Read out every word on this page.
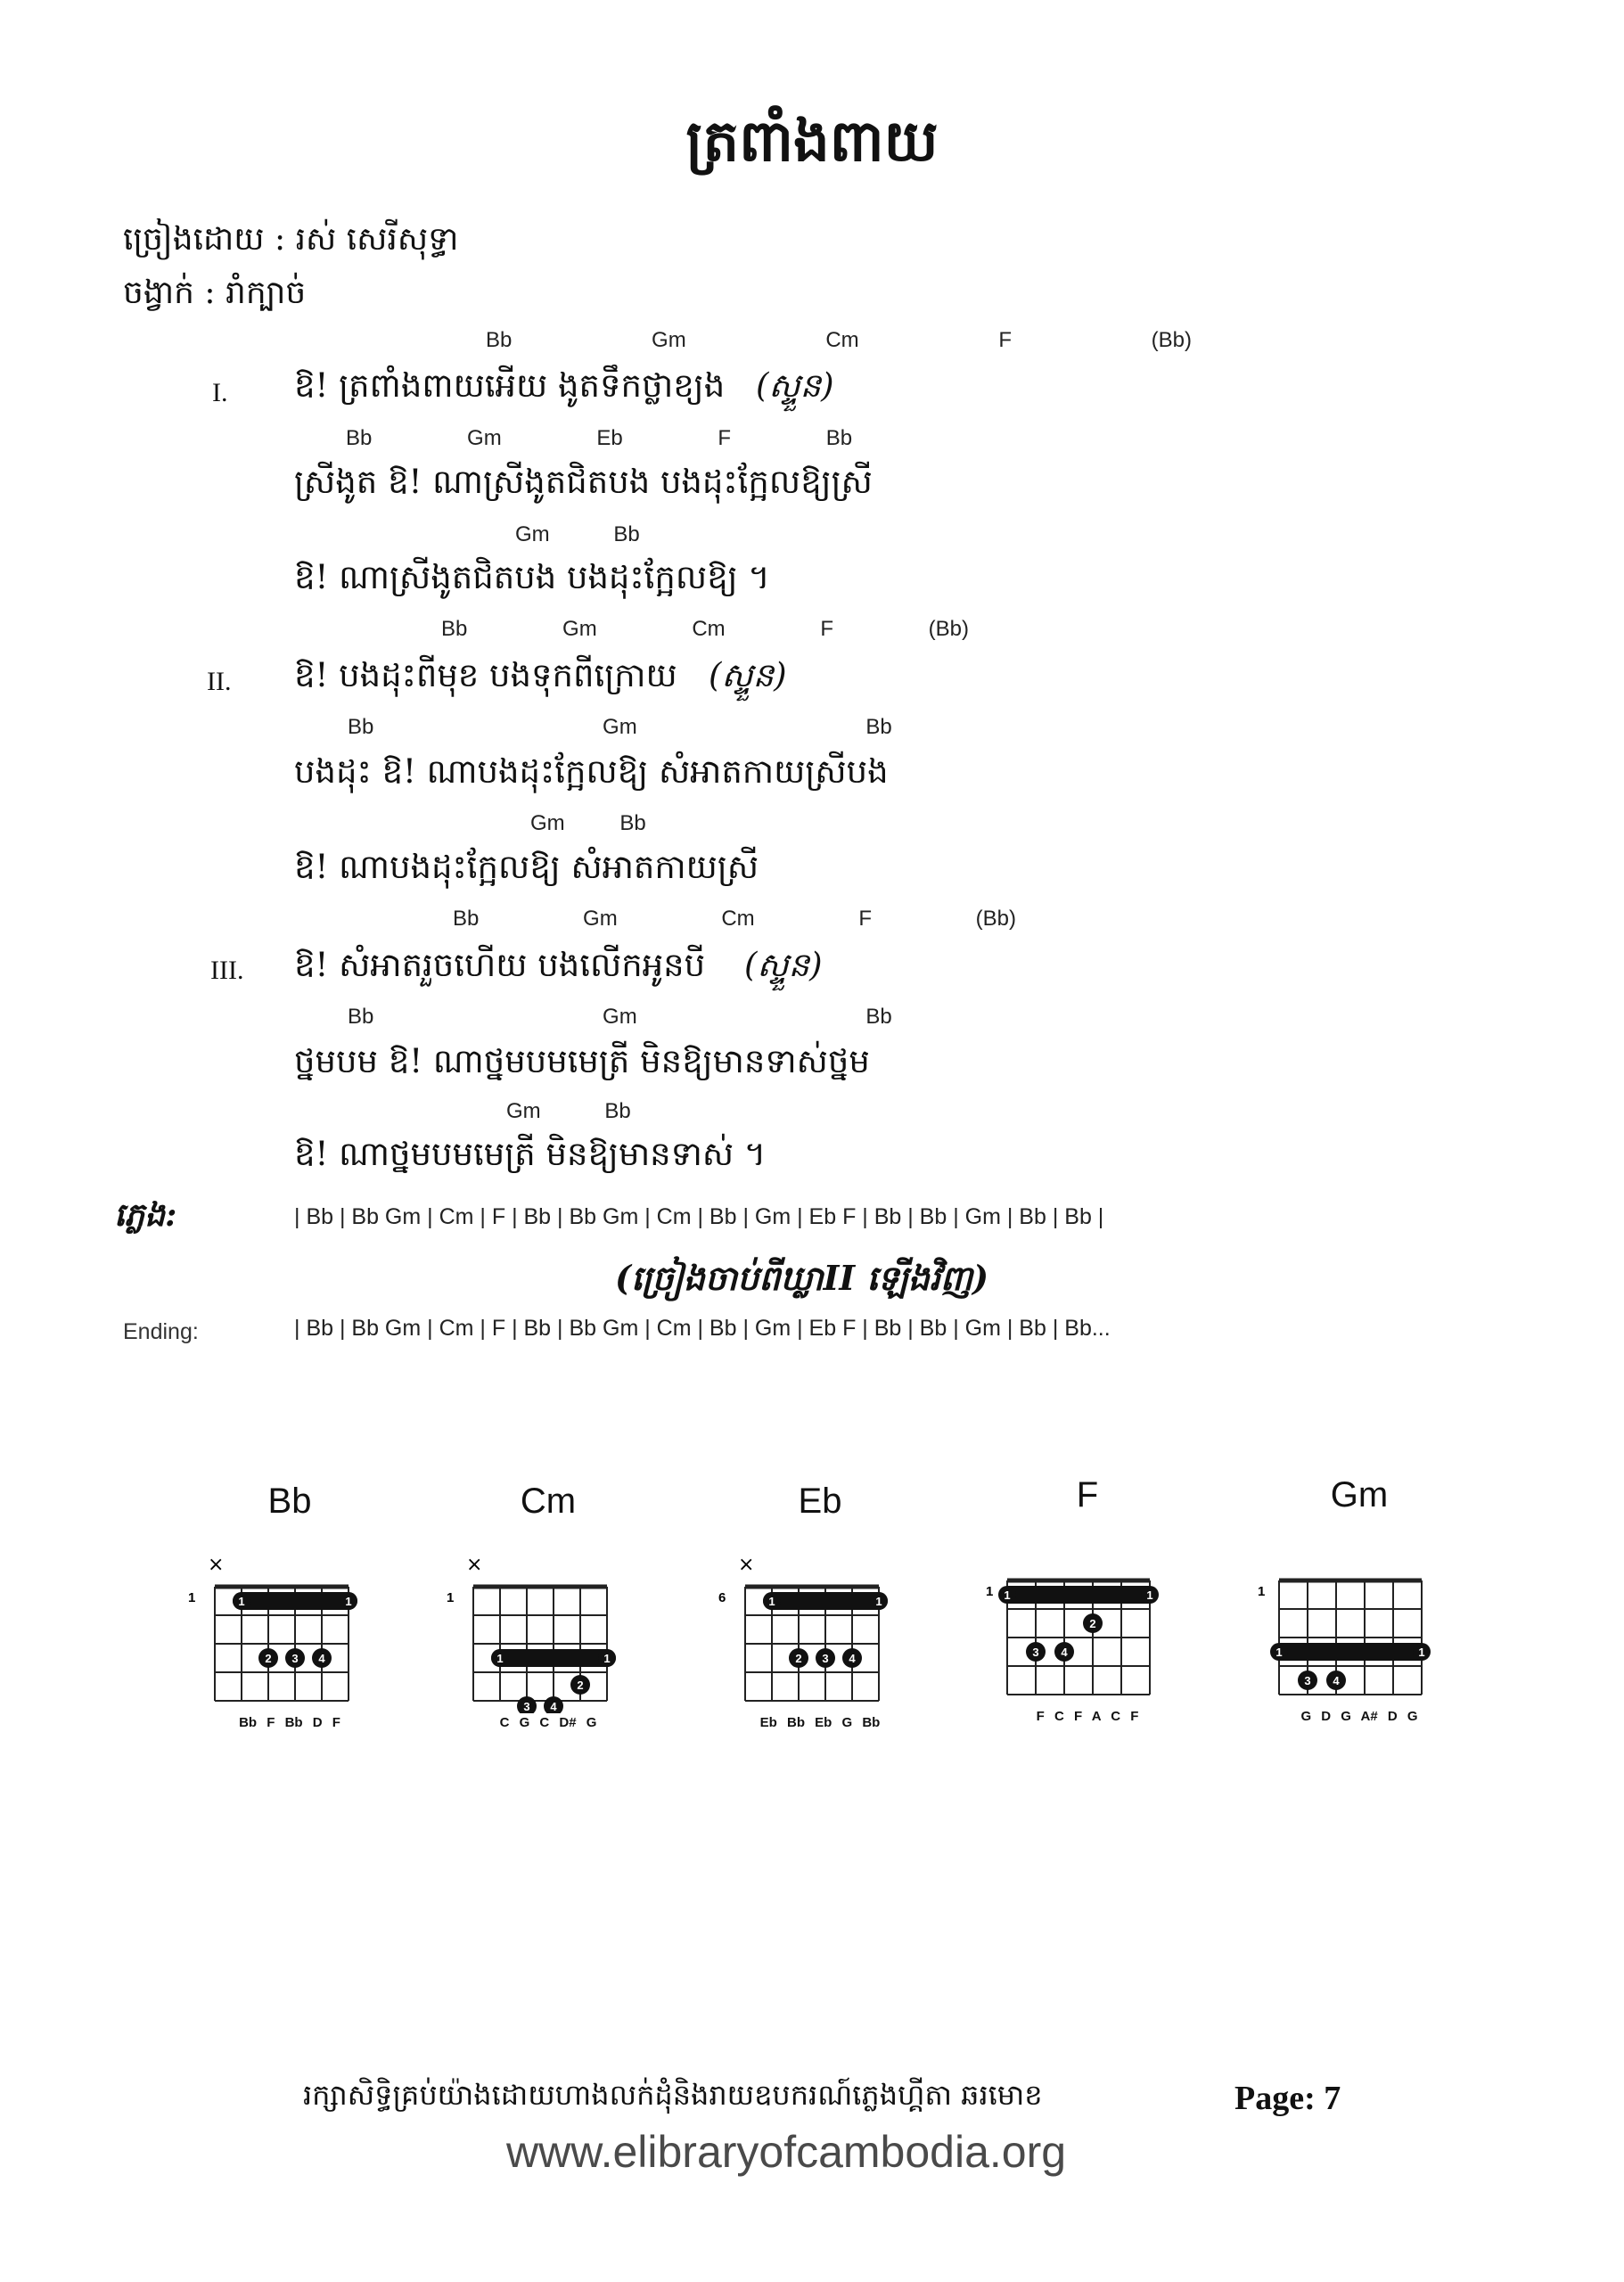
ត្រពាំងពាយ
ច្រៀងដោយ : រស់ សេរីសុទ្ធា
ចង្វាក់ : រាំក្បាច់
Bb Gm Cm F (Bb)
I. ឱ! ត្រពាំងពាយអើយ ងូតទឹកថ្លាខ្យង (ស្ទួន)
Bb Gm Eb F Bb
ស្រីងូត ឱ! ណាស្រីងូតជិតបង បងដុះក្អែលឱ្យស្រី
Gm Bb
ឱ! ណាស្រីងូតជិតបង បងដុះក្អែលឱ្យ ។
Bb Gm Cm F (Bb)
II. ឱ! បងដុះពីមុខ បងទុកពីក្រោយ (ស្ទួន)
Bb Gm Bb
បងដុះ ឱ! ណាបងដុះក្អែលឱ្យ សំអាតកាយស្រីបង
Gm Bb
ឱ! ណាបងដុះក្អែលឱ្យ សំអាតកាយស្រី
Bb Gm Cm F (Bb)
III. ឱ! សំអាតរួចហើយ បងលើកអូនបី (ស្ទួន)
Bb Gm Bb
ថ្នមបម ឱ! ណាថ្នមបមមេត្រី មិនឱ្យមានទាស់ថ្នម
Gm Bb
ឱ! ណាថ្នមបមមេត្រី មិនឱ្យមានទាស់ ។
ភ្លេង:	| Bb | Bb Gm | Cm | F | Bb | Bb Gm | Cm | Bb | Gm | Eb F | Bb | Bb | Gm | Bb | Bb |
(ច្រៀងចាប់ពីឃ្លាII ឡើងវិញ)
Ending:	| Bb | Bb Gm | Cm | F | Bb | Bb Gm | Cm | Bb | Gm | Eb F | Bb | Bb | Gm | Bb | Bb...
Bb
×
1	1	1
2 3 4
Bb F Bb D F
Cm
×
1
1	1
2
3 4
C G C D# G
Eb
×
6	1	1
2 3 4
Eb Bb Eb G Bb
F
1 1	1
2
3 4
F C F A C F
Gm
1
1	1
3 4
G D G A# D G
រក្សាសិទ្ធិគ្រប់យ៉ាងដោយហាងលក់ដុំនិងរាយឧបករណ៍ភ្លេងហ្គីតា ឆរមោខ	Page: 7
www.elibraryofcambodia.org
